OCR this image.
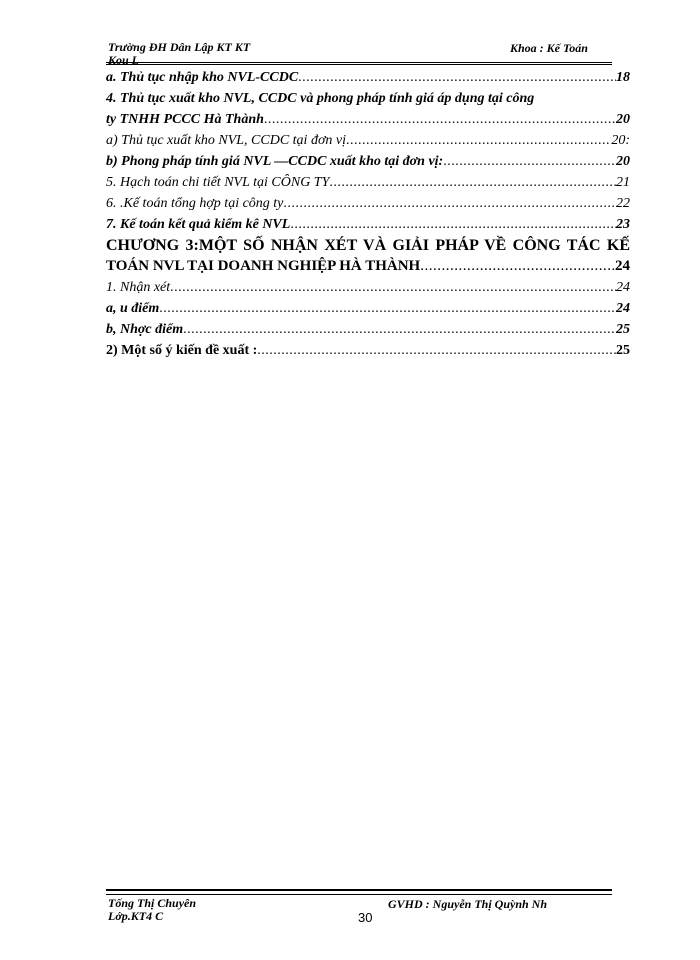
Trường ĐH Dân Lập KT KT
Kou L
Khoa : Kế Toán
a. Thủ tục nhập kho NVL-CCDC .....	18
4. Thủ tục xuất kho NVL, CCDC và phong pháp tính giá áp dụng tại công
ty TNHH PCCC Hà Thành .....	20
a) Thủ tục xuất kho NVL, CCDC tại đơn vị .....	20:
b) Phong pháp tính giá NVL —CCDC xuất kho tại đơn vị: .....	20
5. Hạch toán chi tiết NVL tại CÔNG TY .....	21
6. .Kế toán tổng hợp tại công ty .....	22
7. Kế toán kết quả kiểm kê NVL .....	23
CHƯƠNG 3:MỘT SỐ NHẬN XÉT VÀ GIẢI PHÁP VỀ CÔNG TÁC KẾ
TOÁN NVL TẠI DOANH NGHIỆP HÀ THÀNH .....	24
1. Nhận xét .....	24
a, u điểm .....	24
b, Nhợc điểm .....	25
2) Một số ý kiến đề xuất : .....	25
Tống Thị Chuyên
Lớp.KT4 C
GVHD : Nguyễn Thị Quỳnh Nh
30
